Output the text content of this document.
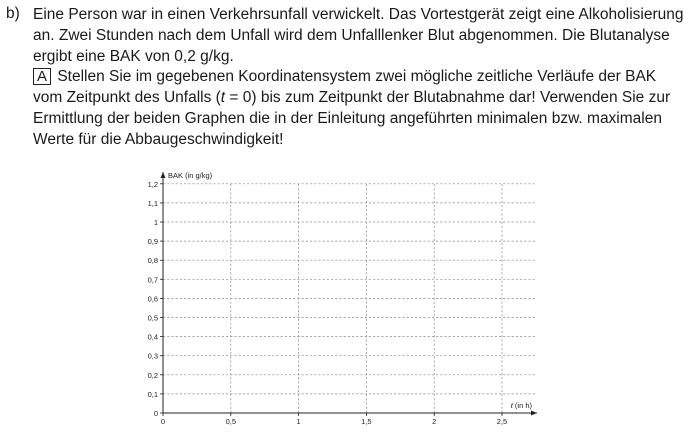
b) Eine Person war in einen Verkehrsunfall verwickelt. Das Vortestgerät zeigt eine Alkoholisierung
an. Zwei Stunden nach dem Unfall wird dem Unfalllenker Blut abgenommen. Die Blutanalyse
ergibt eine BAK von 0,2 g/kg.
A Stellen Sie im gegebenen Koordinatensystem zwei mögliche zeitliche Verläufe der BAK
vom Zeitpunkt des Unfalls (t = 0) bis zum Zeitpunkt der Blutabnahme dar! Verwenden Sie zur
Ermittlung der beiden Graphen die in der Einleitung angeführten minimalen bzw. maximalen
Werte für die Abbaugeschwindigkeit!
0
0,1
0,2
0,3
0,4
0,5
0,6
0,7
0,8
0,9
1
1,1
1,2
0	0,5	1	1,5	2	2,5
BAK (in g/kg)
t (in h)
